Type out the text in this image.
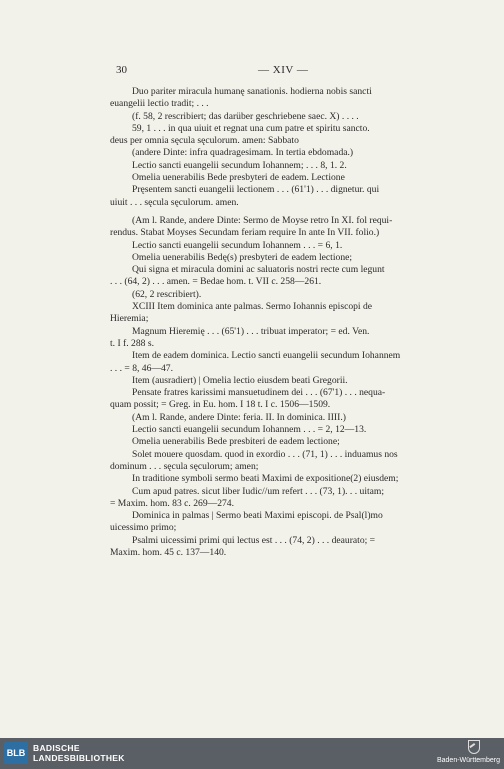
30	— XIV —
Duo pariter miracula humanę sanationis. hodierna nobis sancti
euangelii lectio tradit; . . .
(f. 58, 2 rescribiert; das darüber geschriebene saec. X) . . . .
59, 1 . . . in qua uiuit et regnat una cum patre et spiritu sancto.
deus per omnia sęcula sęculorum. amen: Sabbato
(andere Dinte: infra quadragesimam. In tertia ebdomada.)
Lectio sancti euangelii secundum Iohannem; . . . 8, 1. 2.
Omelia uenerabilis Bede presbyteri de eadem. Lectione
Pręsentem sancti euangelii lectionem . . . (61'1) . . . dignetur. qui
uiuit . . . sęcula sęculorum. amen.
(Am l. Rande, andere Dinte: Sermo de Moyse retro In XI. fol requi-
rendus. Stabat Moyses Secundam feriam require In ante In VII. folio.)
Lectio sancti euangelii secundum Iohannem . . . = 6, 1.
Omelia uenerabilis Bedę(s) presbyteri de eadem lectione;
Qui signa et miracula domini ac saluatoris nostri recte cum legunt
. . . (64, 2) . . . amen. = Bedae hom. t. VII c. 258—261.
(62, 2 rescribiert).
XCIII Item dominica ante palmas. Sermo Iohannis episcopi de
Hieremia;
Magnum Hieremię . . . (65'1) . . . tribuat imperator; = ed. Ven.
t. I f. 288 s.
Item de eadem dominica. Lectio sancti euangelii secundum Iohannem
. . . = 8, 46—47.
Item (ausradiert) | Omelia lectio eiusdem beati Gregorii.
Pensate fratres karissimi mansuetudinem dei . . . (67'1) . . . nequa-
quam possit; = Greg. in Eu. hom. I 18 t. I c. 1506—1509.
(Am l. Rande, andere Dinte: feria. II. In dominica. IIII.)
Lectio sancti euangelii secundum Iohannem . . . = 2, 12—13.
Omelia uenerabilis Bede presbiteri de eadem lectione;
Solet mouere quosdam. quod in exordio . . . (71, 1) . . . induamus nos
dominum . . . sęcula sęculorum; amen;
In traditione symboli sermo beati Maximi de expositione(2) eiusdem;
Cum apud patres. sicut liber Iudic//um refert . . . (73, 1). . . uitam;
= Maxim. hom. 83 c. 269—274.
Dominica in palmas | Sermo beati Maximi episcopi. de Psal(l)mo
uicessimo primo;
Psalmi uicessimi primi qui lectus est . . . (74, 2) . . . deaurato; =
Maxim. hom. 45 c. 137—140.
BLB BADISCHE
LANDESBIBLIOTHEK	Baden-Württemberg
